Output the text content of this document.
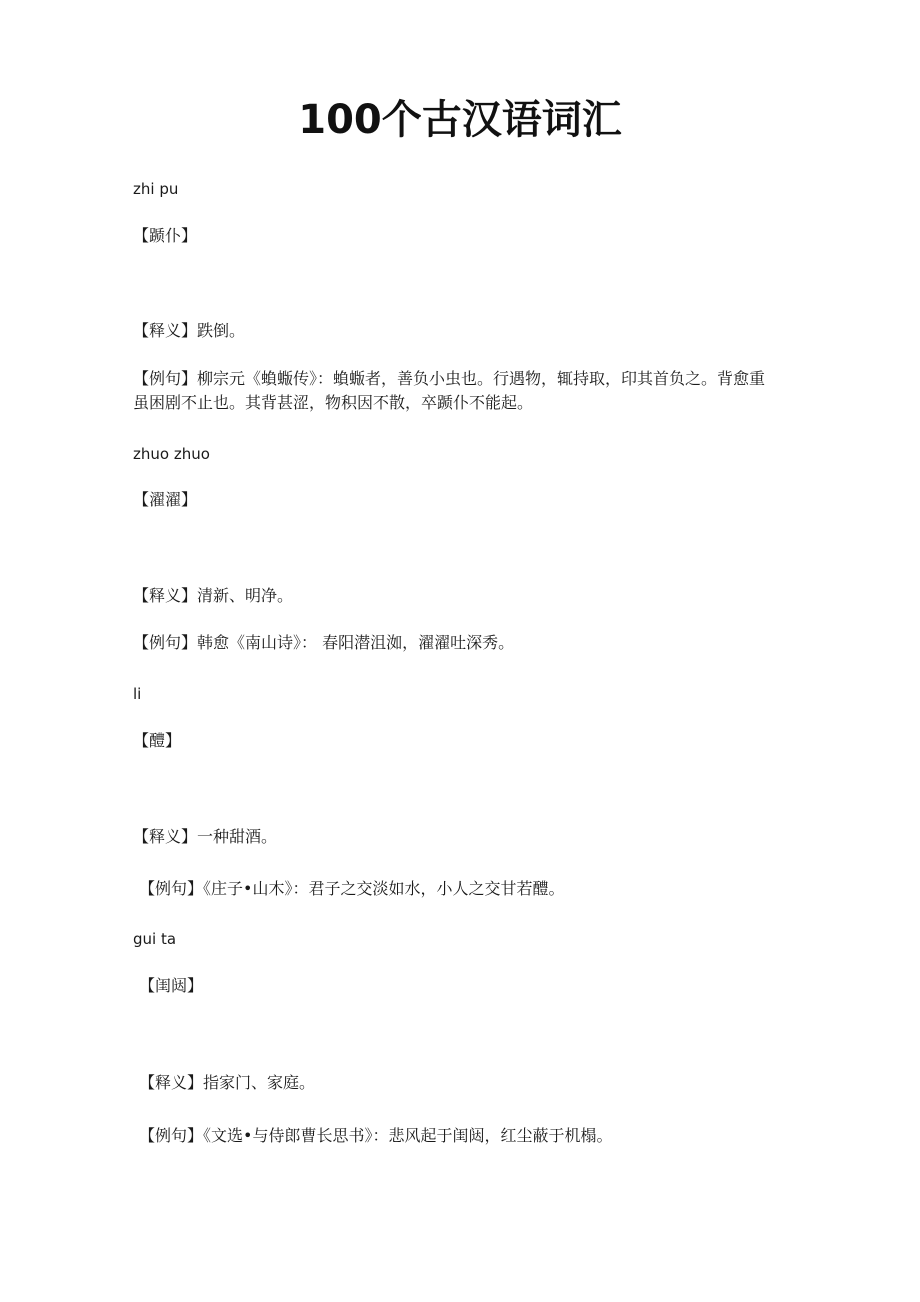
100个古汉语词汇
zhi pu
【踬仆】
【释义】跌倒。
【例句】柳宗元《蝜蝂传》：蝜蝂者，善负小虫也。行遇物，辄持取，印其首负之。背愈重
虽困剧不止也。其背甚涩，物积因不散，卒踬仆不能起。
zhuo zhuo
【濯濯】
【释义】清新、明净。
【例句】韩愈《南山诗》： 春阳潜沮洳，濯濯吐深秀。
li
【醴】
【释义】一种甜酒。
【例句】《庄子•山木》：君子之交淡如水，小人之交甘若醴。
gui ta
【闺闼】
【释义】指家门、家庭。
【例句】《文选•与侍郎曹长思书》：悲风起于闺闼，红尘蔽于机榻。
